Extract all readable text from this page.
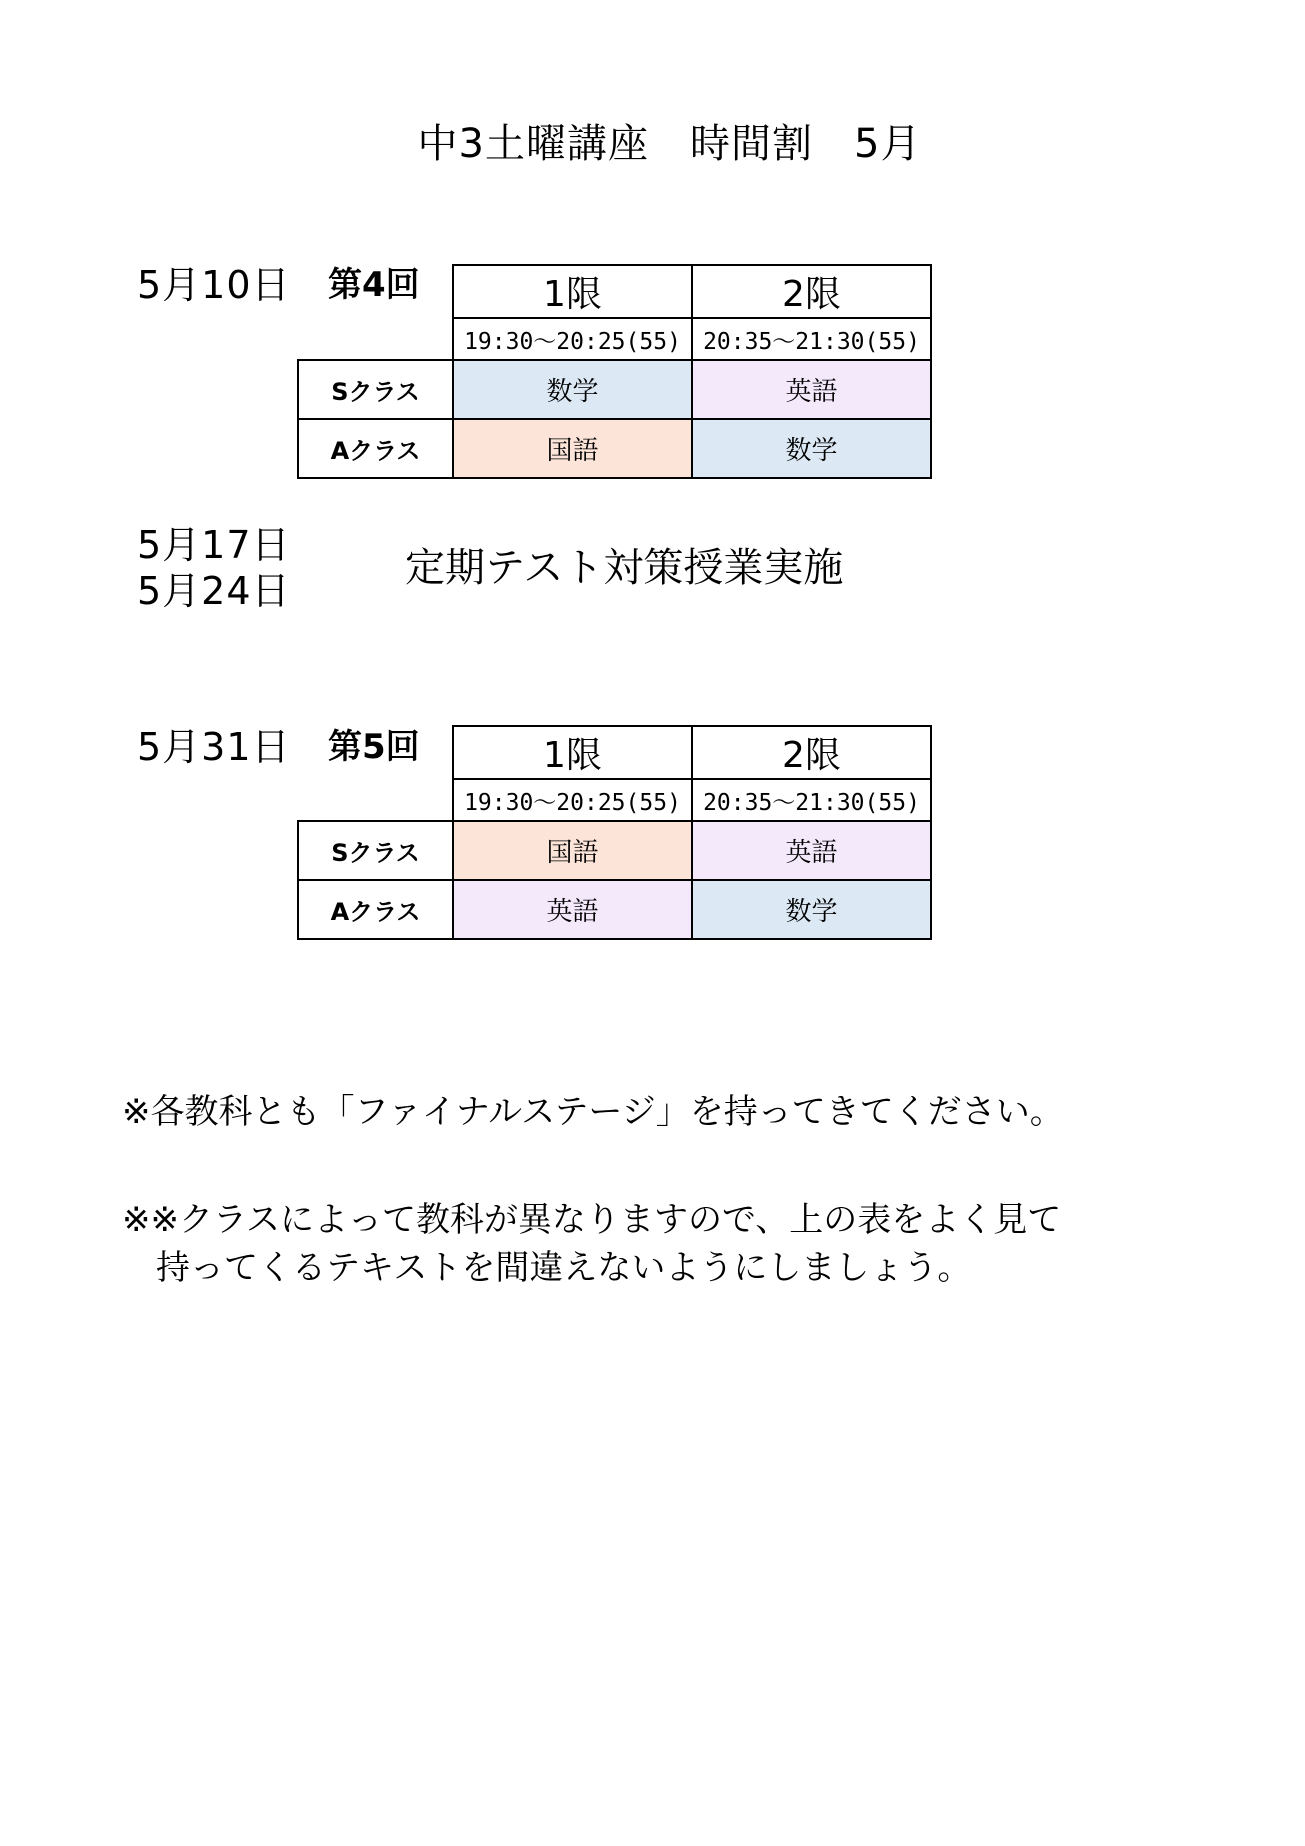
中3土曜講座　時間割　5月
5月10日 第4回
		1限	2限
	19:30～20:25(55)	20:35～21:30(55)
Sクラス	数学	英語
Aクラス	国語	数学
5月17日
5月24日	定期テスト対策授業実施
5月31日 第5回
		1限	2限
	19:30～20:25(55)	20:35～21:30(55)
Sクラス	国語	英語
Aクラス	英語	数学
※各教科とも「ファイナルステージ」を持ってきてください。
※※クラスによって教科が異なりますので、上の表をよく見て
　持ってくるテキストを間違えないようにしましょう。
